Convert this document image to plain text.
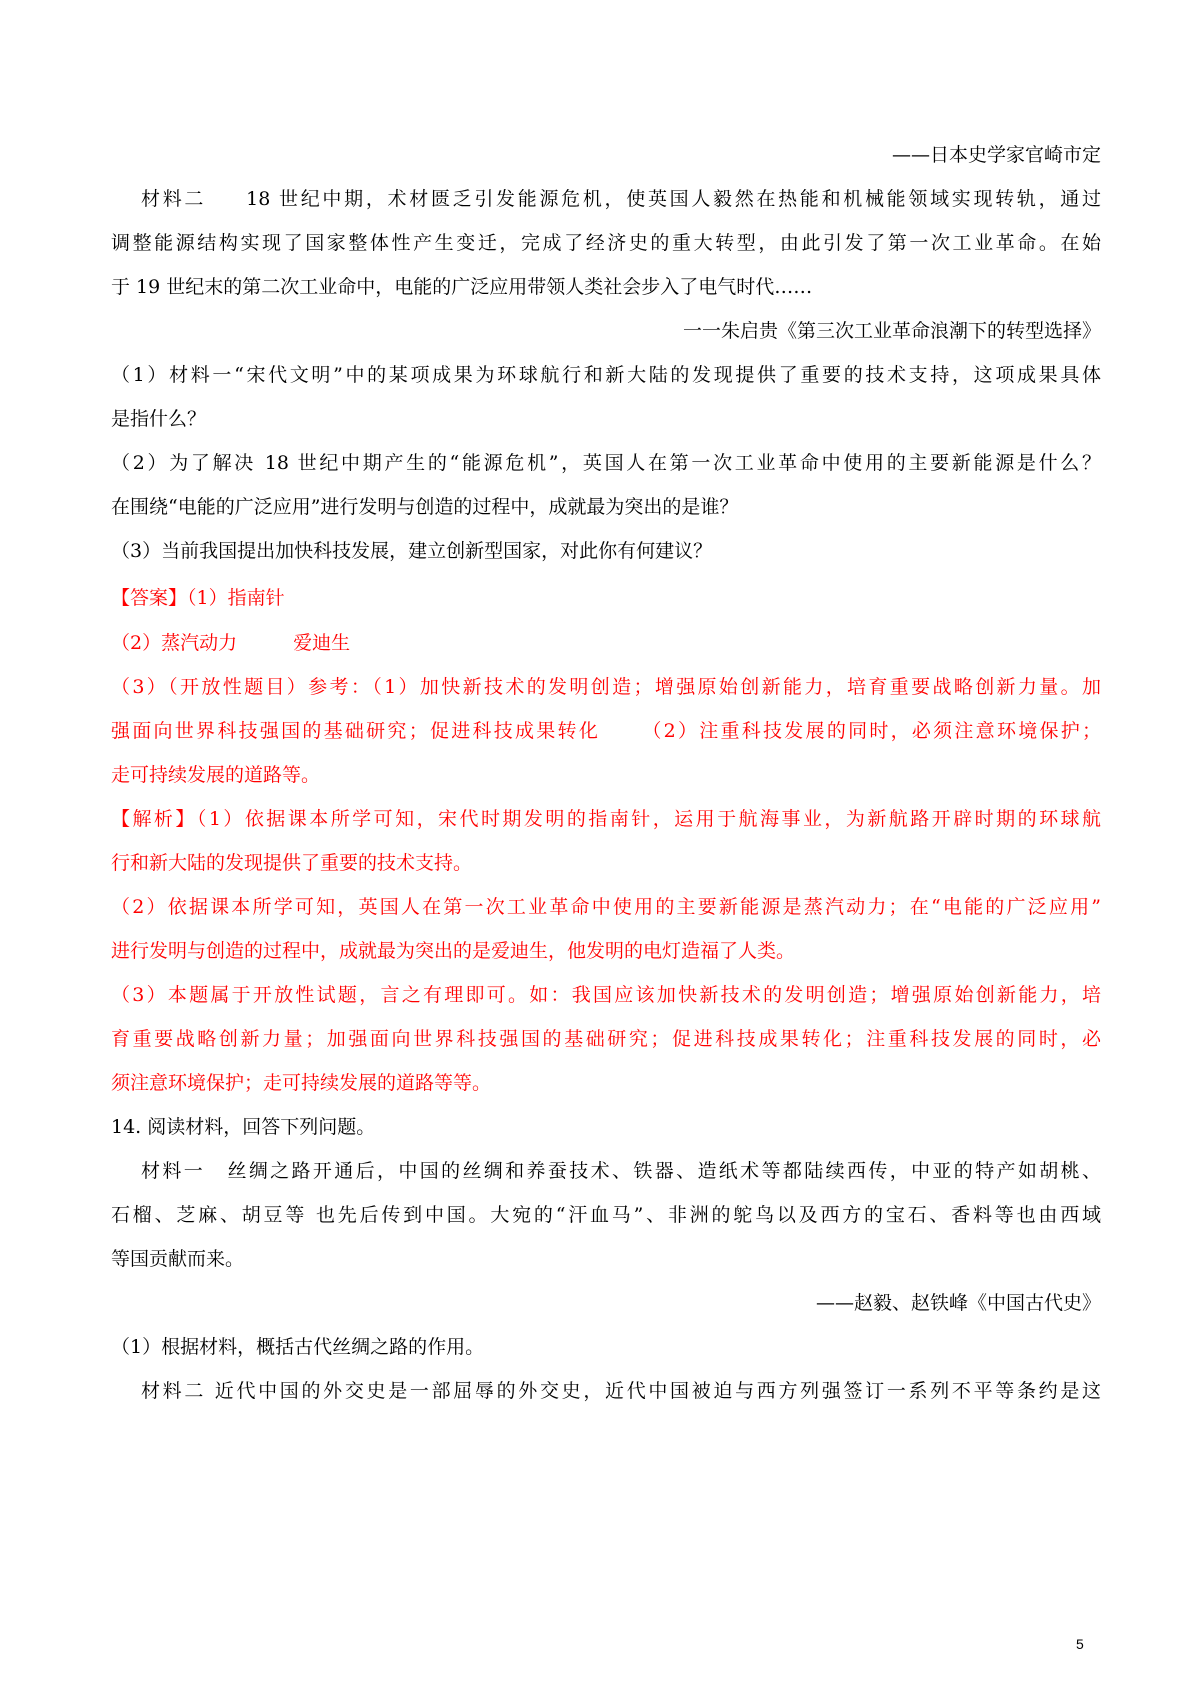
——日本史学家官崎市定
材料二 18 世纪中期，术材匮乏引发能源危机，使英国人毅然在热能和机械能领域实现转轨，通过
调整能源结构实现了国家整体性产生变迁，完成了经济史的重大转型，由此引发了第一次工业革命。在始
于 19 世纪末的第二次工业命中，电能的广泛应用带领人类社会步入了电气时代……
一一朱启贵《第三次工业革命浪潮下的转型选择》
（1）材料一“宋代文明”中的某项成果为环球航行和新大陆的发现提供了重要的技术支持，这项成果具体
是指什么？
（2）为了解决 18 世纪中期产生的“能源危机”，英国人在第一次工业革命中使用的主要新能源是什么？
在围绕“电能的广泛应用”进行发明与创造的过程中，成就最为突出的是谁？
（3）当前我国提出加快科技发展，建立创新型国家，对此你有何建议？
【答案】（1）指南针
（2）蒸汽动力	爱迪生
（3）（开放性题目）参考：（1）加快新技术的发明创造；增强原始创新能力，培育重要战略创新力量。加
强面向世界科技强国的基础研究；促进科技成果转化 （2）注重科技发展的同时，必须注意环境保护；
走可持续发展的道路等。
【解析】（1）依据课本所学可知，宋代时期发明的指南针，运用于航海事业，为新航路开辟时期的环球航
行和新大陆的发现提供了重要的技术支持。
（2）依据课本所学可知，英国人在第一次工业革命中使用的主要新能源是蒸汽动力；在“电能的广泛应用”
进行发明与创造的过程中，成就最为突出的是爱迪生，他发明的电灯造福了人类。
（3）本题属于开放性试题，言之有理即可。如：我国应该加快新技术的发明创造；增强原始创新能力，培
育重要战略创新力量；加强面向世界科技强国的基础研究；促进科技成果转化；注重科技发展的同时，必
须注意环境保护；走可持续发展的道路等等。
14. 阅读材料，回答下列问题。
材料一 丝绸之路开通后，中国的丝绸和养蚕技术、铁器、造纸术等都陆续西传，中亚的特产如胡桃、
石榴、芝麻、胡豆等 也先后传到中国。大宛的“汗血马”、非洲的鸵鸟以及西方的宝石、香料等也由西域
等国贡献而来。
——赵毅、赵铁峰《中国古代史》
（1）根据材料，概括古代丝绸之路的作用。
材料二 近代中国的外交史是一部屈辱的外交史，近代中国被迫与西方列强签订一系列不平等条约是这
5
